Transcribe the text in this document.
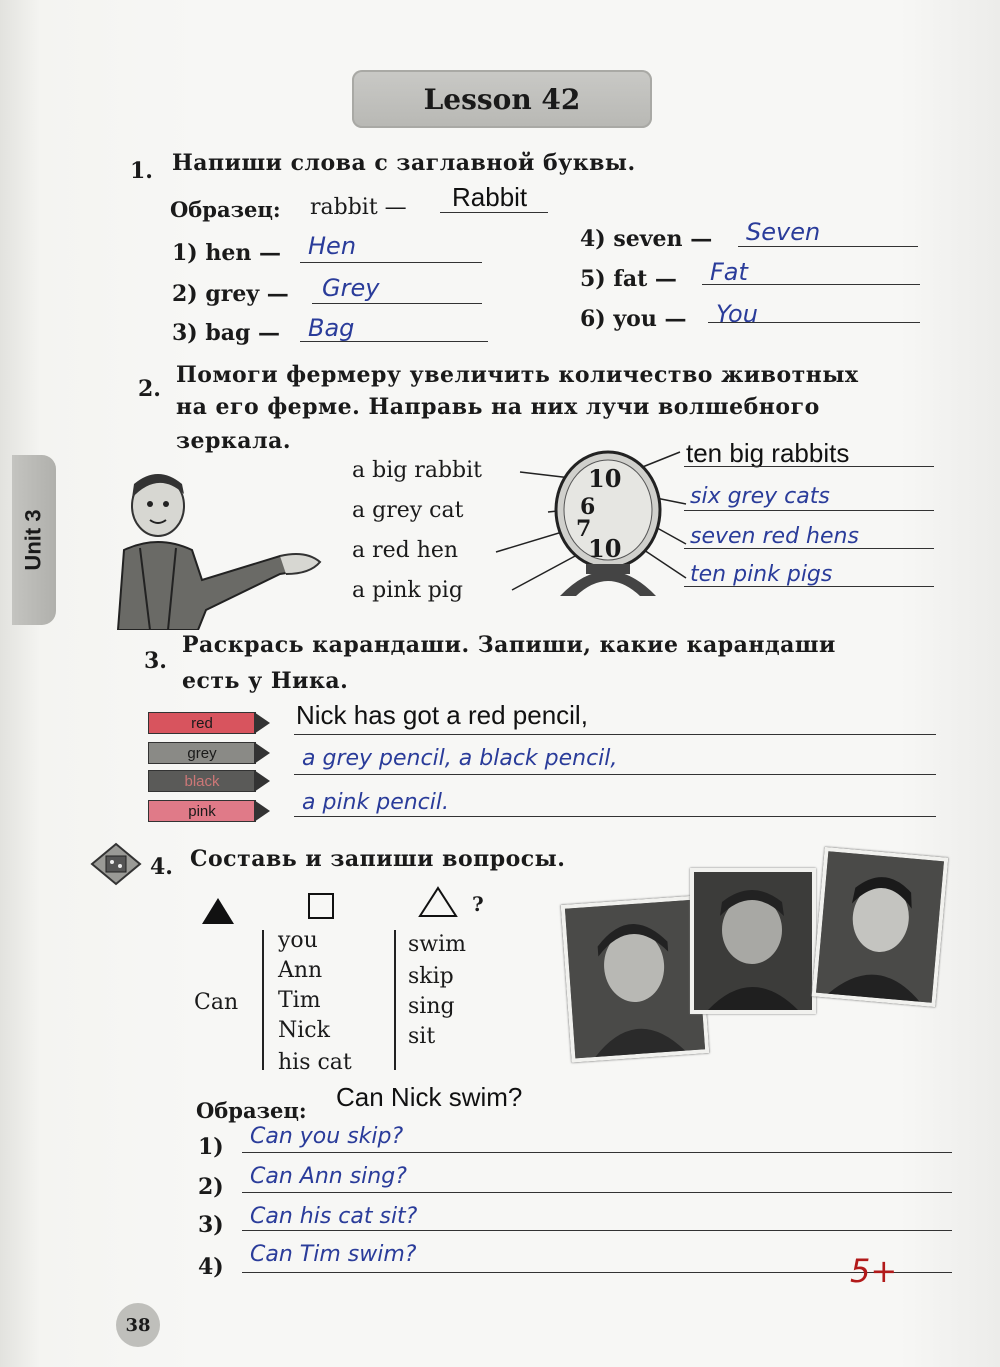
Lesson 42
Unit 3
1. Напиши слова с заглавной буквы.
Образец: rabbit — Rabbit
1) hen — Hen
2) grey — Grey
3) bag — Bag
4) seven — Seven
5) fat — Fat
6) you — You
2.
Помоги фермеру увеличить количество животных
на его ферме. Направь на них лучи волшебного
зеркала.
a big rabbit
a grey cat
a red hen
a pink pig
10
6
7
10
ten big rabbits
six grey cats
seven red hens
ten pink pigs
3.
Раскрась карандаши. Запиши, какие карандаши
есть у Ника.
red
grey
black
pink
Nick has got a red pencil,
a grey pencil, a black pencil,
a pink pencil.
4. Составь и запиши вопросы.
?
Can
you
Ann
Tim
Nick
his cat
swim
skip
sing
sit
Образец: Can Nick swim?
1) Can you skip?
2) Can Ann sing?
3) Can his cat sit?
4) Can Tim swim?	5+
38
